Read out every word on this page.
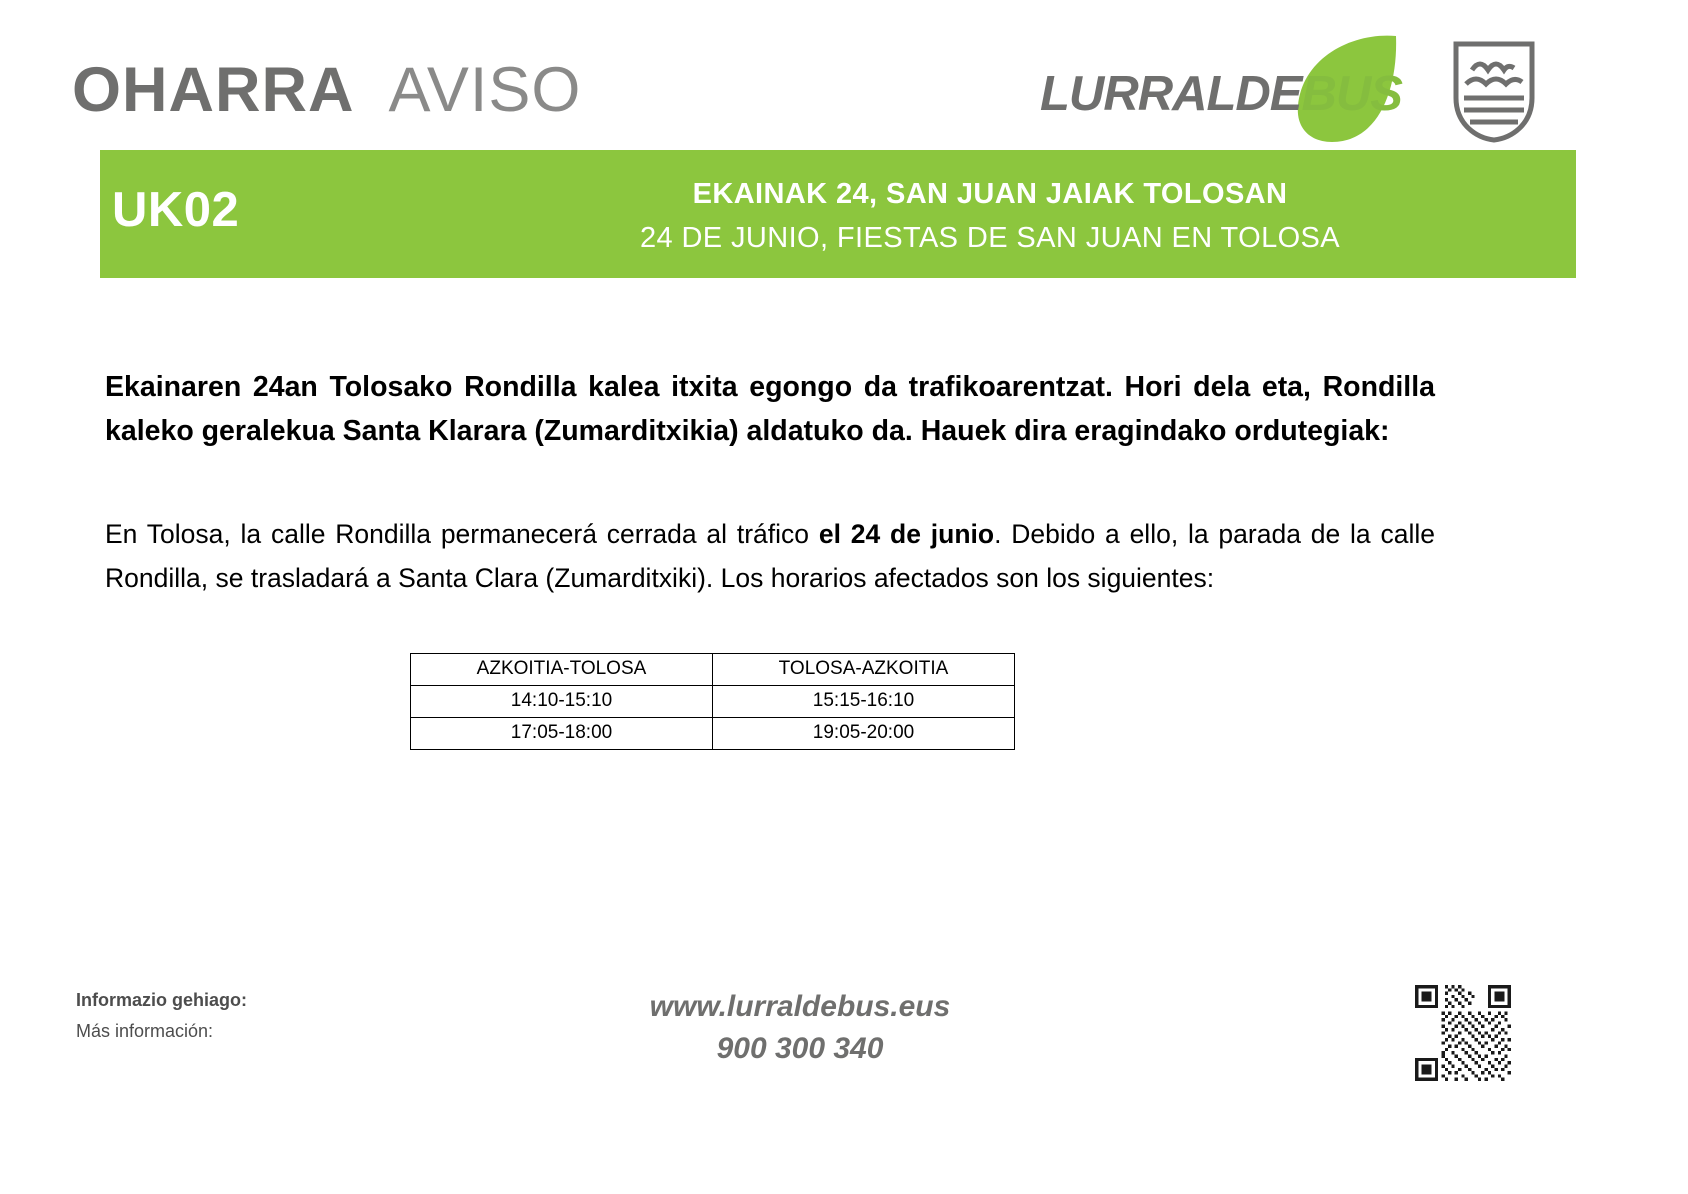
OHARRA AVISO	LURRALDEBUS
UK02	EKAINAK 24, SAN JUAN JAIAK TOLOSAN
24 DE JUNIO, FIESTAS DE SAN JUAN EN TOLOSA
Ekainaren 24an Tolosako Rondilla kalea itxita egongo da trafikoarentzat. Hori dela eta, Rondilla kaleko geralekua Santa Klarara (Zumarditxikia) aldatuko da. Hauek dira eragindako ordutegiak:
En Tolosa, la calle Rondilla permanecerá cerrada al tráfico el 24 de junio. Debido a ello, la parada de la calle Rondilla, se trasladará a Santa Clara (Zumarditxiki). Los horarios afectados son los siguientes:
AZKOITIA-TOLOSA	TOLOSA-AZKOITIA
14:10-15:10	15:15-16:10
17:05-18:00	19:05-20:00
Informazio gehiago:
Más información:
www.lurraldebus.eus
900 300 340
